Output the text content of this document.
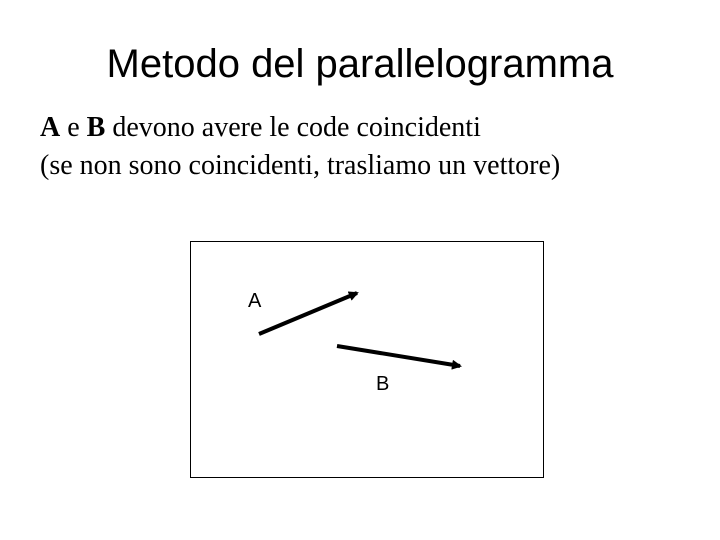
Metodo del parallelogramma
A e B devono avere le code coincidenti
(se non sono coincidenti, trasliamo un vettore)
A
B
